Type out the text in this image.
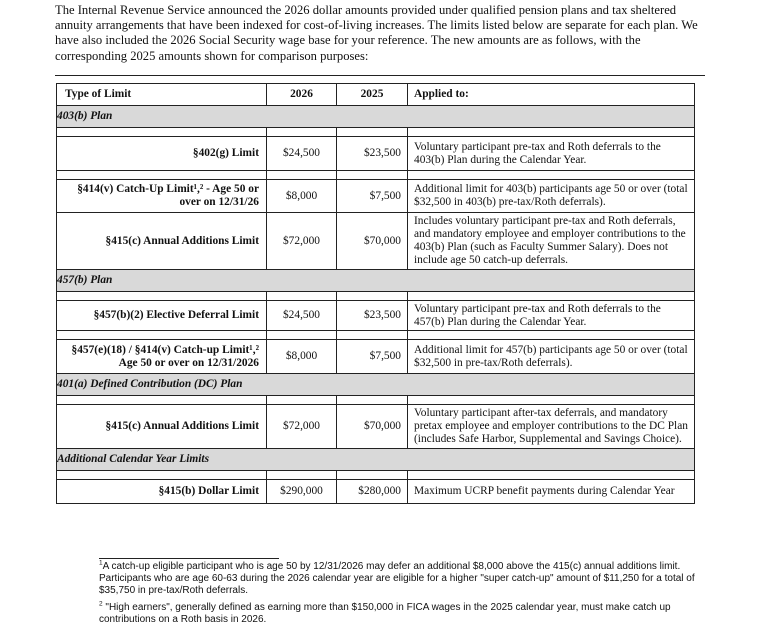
The Internal Revenue Service announced the 2026 dollar amounts provided under qualified pension plans and tax sheltered annuity arrangements that have been indexed for cost-of-living increases. The limits listed below are separate for each plan. We have also included the 2026 Social Security wage base for your reference. The new amounts are as follows, with the corresponding 2025 amounts shown for comparison purposes:
Type of Limit	2026	2025	Applied to:
403(b) Plan			

§402(g) Limit	$24,500	$23,500	Voluntary participant pre-tax and Roth deferrals to the 403(b) Plan during the Calendar Year.

§414(v) Catch-Up Limit¹,² - Age 50 or
over on 12/31/26	$8,000	$7,500	Additional limit for 403(b) participants age 50 or over (total $32,500 in 403(b) pre-tax/Roth deferrals).
§415(c) Annual Additions Limit	$72,000	$70,000	Includes voluntary participant pre-tax and Roth deferrals, and mandatory employee and employer contributions to the 403(b) Plan (such as Faculty Summer Salary). Does not include age 50 catch-up deferrals.
457(b) Plan			

§457(b)(2) Elective Deferral Limit	$24,500	$23,500	Voluntary participant pre-tax and Roth deferrals to the 457(b) Plan during the Calendar Year.

§457(e)(18) / §414(v) Catch-up Limit¹,²
Age 50 or over on 12/31/2026	$8,000	$7,500	Additional limit for 457(b) participants age 50 or over (total $32,500 in pre-tax/Roth deferrals).
401(a) Defined Contribution (DC) Plan			

§415(c) Annual Additions Limit	$72,000	$70,000	Voluntary participant after-tax deferrals, and mandatory pretax employee and employer contributions to the DC Plan (includes Safe Harbor, Supplemental and Savings Choice).
Additional Calendar Year Limits			

§415(b) Dollar Limit	$290,000	$280,000	Maximum UCRP benefit payments during Calendar Year

$^1$A catch-up eligible participant who is age 50 by 12/31/2026 may defer an additional $8,000 above the 415(c) annual additions limit. Participants who are age 60-63 during the 2026 calendar year are eligible for a higher "super catch-up" amount of $11,250 for a total of $35,750 in pre-tax/Roth deferrals.

$^2$ "High earners", generally defined as earning more than $150,000 in FICA wages in the 2025 calendar year, must make catch up contributions on a Roth basis in 2026.
